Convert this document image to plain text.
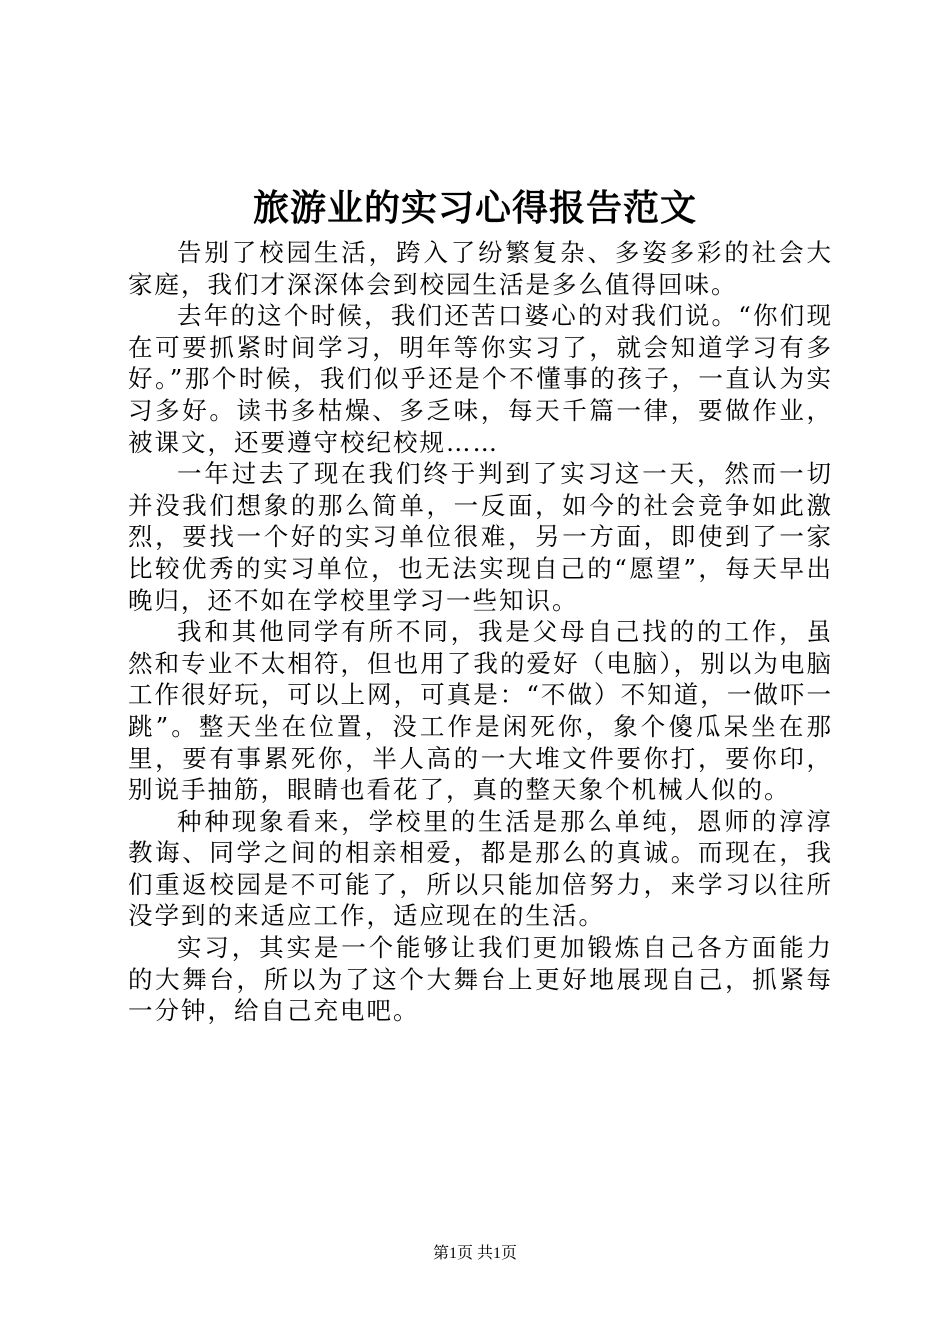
旅游业的实习心得报告范文

告别了校园生活，跨入了纷繁复杂、多姿多彩的社会大家庭，我们才深深体会到校园生活是多么值得回味。

去年的这个时候，我们还苦口婆心的对我们说。“你们现在可要抓紧时间学习，明年等你实习了，就会知道学习有多好。”那个时候，我们似乎还是个不懂事的孩子，一直认为实习多好。读书多枯燥、多乏味，每天千篇一律，要做作业，被课文，还要遵守校纪校规……

一年过去了现在我们终于判到了实习这一天，然而一切并没我们想象的那么简单，一反面，如今的社会竞争如此激烈，要找一个好的实习单位很难，另一方面，即使到了一家比较优秀的实习单位，也无法实现自己的“愿望”，每天早出晚归，还不如在学校里学习一些知识。

我和其他同学有所不同，我是父母自己找的的工作，虽然和专业不太相符，但也用了我的爱好（电脑），别以为电脑工作很好玩，可以上网，可真是：“不做）不知道，一做吓一跳”。整天坐在位置，没工作是闲死你，象个傻瓜呆坐在那里，要有事累死你，半人高的一大堆文件要你打，要你印，别说手抽筋，眼睛也看花了，真的整天象个机械人似的。

种种现象看来，学校里的生活是那么单纯，恩师的淳淳教诲、同学之间的相亲相爱，都是那么的真诚。而现在，我们重返校园是不可能了，所以只能加倍努力，来学习以往所没学到的来适应工作，适应现在的生活。

实习，其实是一个能够让我们更加锻炼自己各方面能力的大舞台，所以为了这个大舞台上更好地展现自己，抓紧每一分钟，给自己充电吧。

第1页 共1页
